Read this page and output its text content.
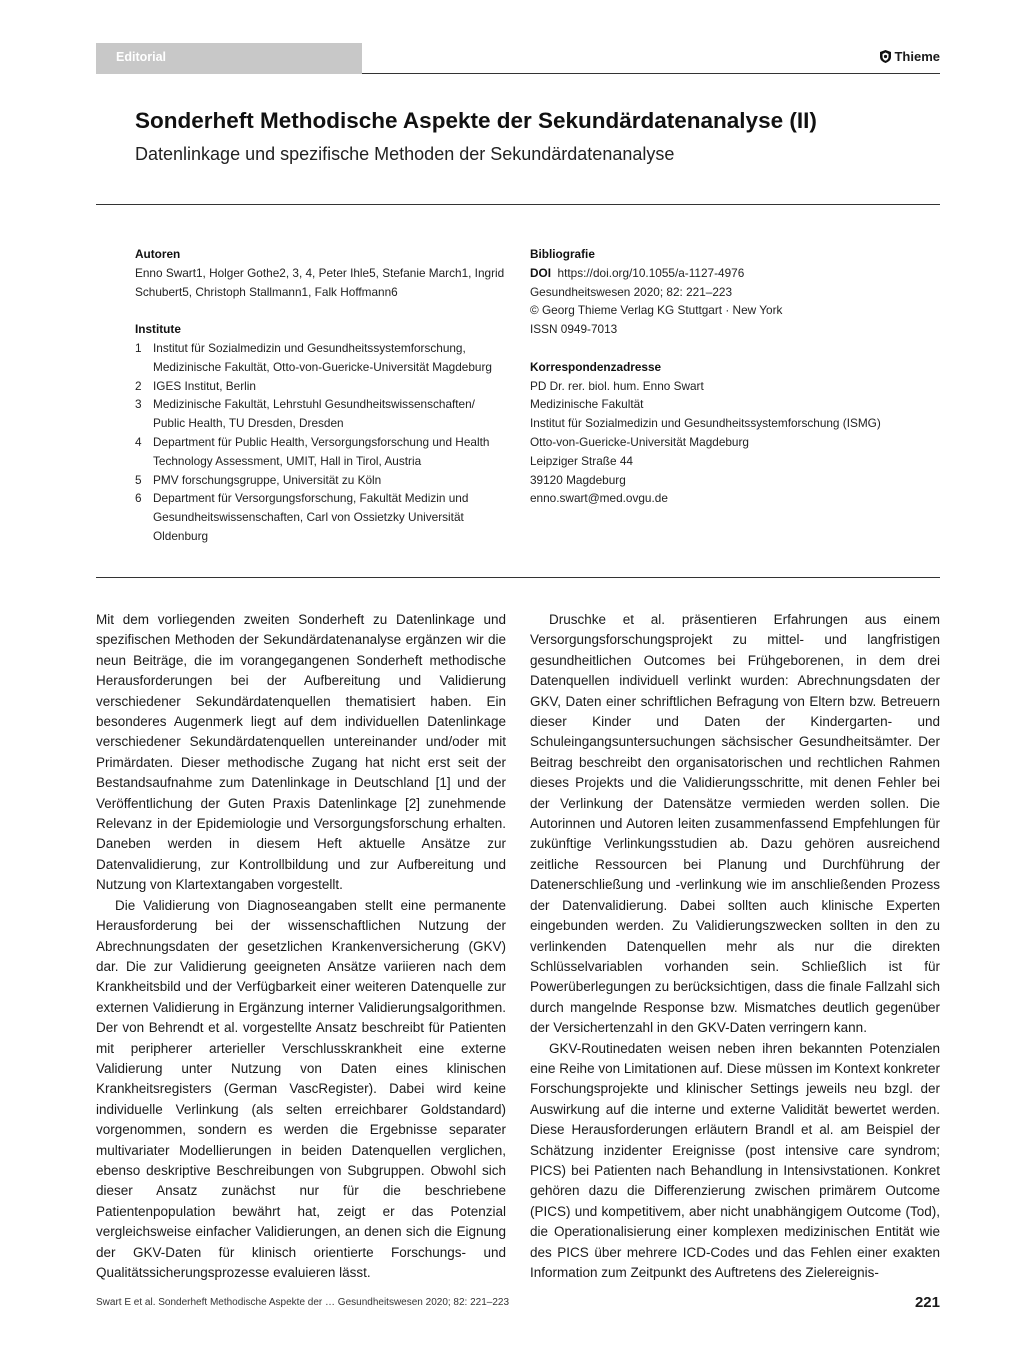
Editorial	Thieme
Sonderheft Methodische Aspekte der Sekundärdatenanalyse (II)
Datenlinkage und spezifische Methoden der Sekundärdatenanalyse
Autoren
Enno Swart1, Holger Gothe2, 3, 4, Peter Ihle5, Stefanie March1, Ingrid
Schubert5, Christoph Stallmann1, Falk Hoffmann6
Institute
1 Institut für Sozialmedizin und Gesundheitssystemforschung, Medizinische Fakultät, Otto-von-Guericke-Universität Magdeburg
2 IGES Institut, Berlin
3 Medizinische Fakultät, Lehrstuhl Gesundheitswissenschaften/ Public Health, TU Dresden, Dresden
4 Department für Public Health, Versorgungsforschung und Health Technology Assessment, UMIT, Hall in Tirol, Austria
5 PMV forschungsgruppe, Universität zu Köln
6 Department für Versorgungsforschung, Fakultät Medizin und Gesundheitswissenschaften, Carl von Ossietzky Universität Oldenburg
Bibliografie
DOI https://doi.org/10.1055/a-1127-4976
Gesundheitswesen 2020; 82: 221–223
© Georg Thieme Verlag KG Stuttgart · New York
ISSN 0949-7013
Korrespondenzadresse
PD Dr. rer. biol. hum. Enno Swart
Medizinische Fakultät
Institut für Sozialmedizin und Gesundheitssystemforschung (ISMG)
Otto-von-Guericke-Universität Magdeburg
Leipziger Straße 44
39120 Magdeburg
enno.swart@med.ovgu.de

Mit dem vorliegenden zweiten Sonderheft zu Datenlinkage und spezifischen Methoden der Sekundärdatenanalyse ergänzen wir die neun Beiträge, die im vorangegangenen Sonderheft methodische Herausforderungen bei der Aufbereitung und Validierung verschiedener Sekundärdatenquellen thematisiert haben. Ein besonderes Augenmerk liegt auf dem individuellen Datenlinkage verschiedener Sekundärdatenquellen untereinander und/oder mit Primärdaten. Dieser methodische Zugang hat nicht erst seit der Bestandsaufnahme zum Datenlinkage in Deutschland [1] und der Veröffentlichung der Guten Praxis Datenlinkage [2] zunehmende Relevanz in der Epidemiologie und Versorgungsforschung erhalten. Daneben werden in diesem Heft aktuelle Ansätze zur Datenvalidierung, zur Kontrollbildung und zur Aufbereitung und Nutzung von Klartextangaben vorgestellt.

Die Validierung von Diagnoseangaben stellt eine permanente Herausforderung bei der wissenschaftlichen Nutzung der Abrechnungsdaten der gesetzlichen Krankenversicherung (GKV) dar. Die zur Validierung geeigneten Ansätze variieren nach dem Krankheitsbild und der Verfügbarkeit einer weiteren Datenquelle zur externen Validierung in Ergänzung interner Validierungsalgorithmen. Der von Behrendt et al. vorgestellte Ansatz beschreibt für Patienten mit peripherer arterieller Verschlusskrankheit eine externe Validierung unter Nutzung von Daten eines klinischen Krankheitsregisters (German VascRegister). Dabei wird keine individuelle Verlinkung (als selten erreichbarer Goldstandard) vorgenommen, sondern es werden die Ergebnisse separater multivariater Modellierungen in beiden Datenquellen verglichen, ebenso deskriptive Beschreibungen von Subgruppen. Obwohl sich dieser Ansatz zunächst nur für die beschriebene Patientenpopulation bewährt hat, zeigt er das Potenzial vergleichsweise einfacher Validierungen, an denen sich die Eignung der GKV-Daten für klinisch orientierte Forschungs- und Qualitätssicherungsprozesse evaluieren lässt.

Druschke et al. präsentieren Erfahrungen aus einem Versorgungsforschungsprojekt zu mittel- und langfristigen gesundheitlichen Outcomes bei Frühgeborenen, in dem drei Datenquellen individuell verlinkt wurden: Abrechnungsdaten der GKV, Daten einer schriftlichen Befragung von Eltern bzw. Betreuern dieser Kinder und Daten der Kindergarten- und Schuleingangsuntersuchungen sächsischer Gesundheitsämter. Der Beitrag beschreibt den organisatorischen und rechtlichen Rahmen dieses Projekts und die Validierungsschritte, mit denen Fehler bei der Verlinkung der Datensätze vermieden werden sollen. Die Autorinnen und Autoren leiten zusammenfassend Empfehlungen für zukünftige Verlinkungsstudien ab. Dazu gehören ausreichend zeitliche Ressourcen bei Planung und Durchführung der Datenerschließung und -verlinkung wie im anschließenden Prozess der Datenvalidierung. Dabei sollten auch klinische Experten eingebunden werden. Zu Validierungszwecken sollten in den zu verlinkenden Datenquellen mehr als nur die direkten Schlüsselvariablen vorhanden sein. Schließlich ist für Powerüberlegungen zu berücksichtigen, dass die finale Fallzahl sich durch mangelnde Response bzw. Mismatches deutlich gegenüber der Versichertenzahl in den GKV-Daten verringern kann.

GKV-Routinedaten weisen neben ihren bekannten Potenzialen eine Reihe von Limitationen auf. Diese müssen im Kontext konkreter Forschungsprojekte und klinischer Settings jeweils neu bzgl. der Auswirkung auf die interne und externe Validität bewertet werden. Diese Herausforderungen erläutern Brandl et al. am Beispiel der Schätzung inzidenter Ereignisse (post intensive care syndrom; PICS) bei Patienten nach Behandlung in Intensivstationen. Konkret gehören dazu die Differenzierung zwischen primärem Outcome (PICS) und kompetitivem, aber nicht unabhängigem Outcome (Tod), die Operationalisierung einer komplexen medizinischen Entität wie des PICS über mehrere ICD-Codes und das Fehlen einer exakten Information zum Zeitpunkt des Auftretens des Zielereignis-

Swart E et al. Sonderheft Methodische Aspekte der … Gesundheitswesen 2020; 82: 221–223	221
